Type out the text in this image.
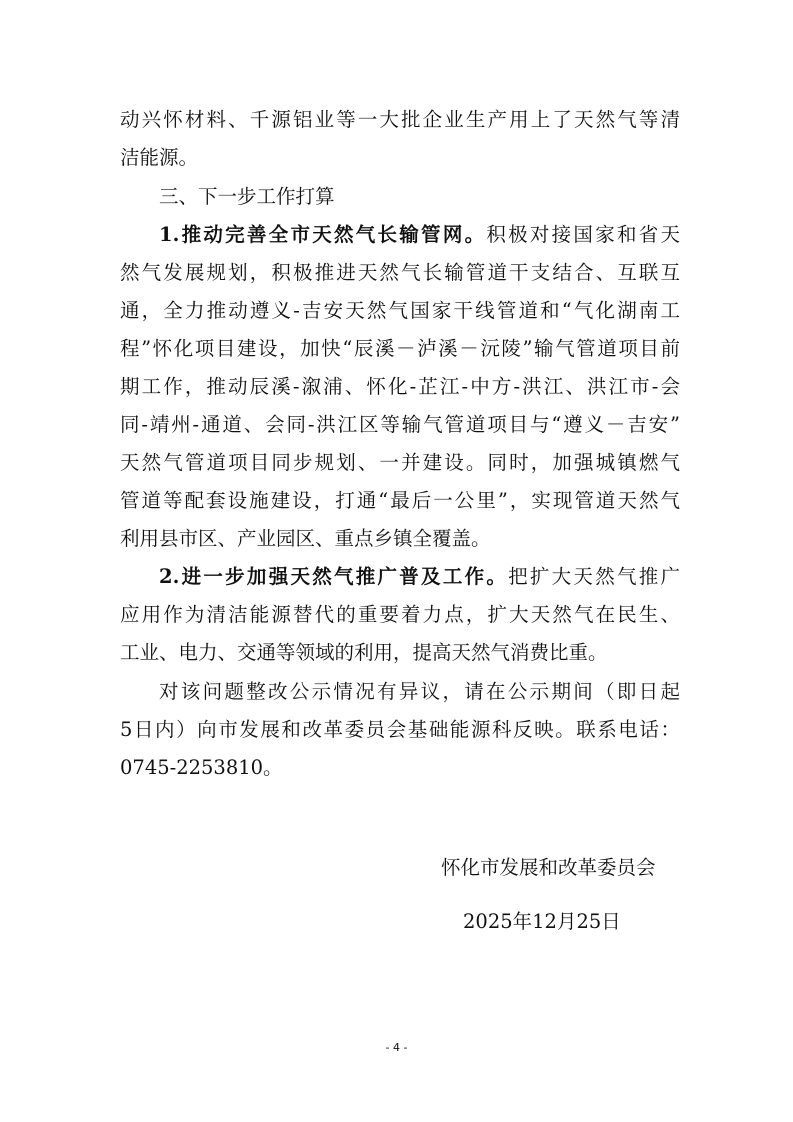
动兴怀材料、千源铝业等一大批企业生产用上了天然气等清
洁能源。
三、下一步工作打算
1.推动完善全市天然气长输管网。积极对接国家和省天
然气发展规划，积极推进天然气长输管道干支结合、互联互
通，全力推动遵义-吉安天然气国家干线管道和“气化湖南工
程”怀化项目建设，加快“辰溪－泸溪－沅陵”输气管道项目前
期工作，推动辰溪-溆浦、怀化-芷江-中方-洪江、洪江市-会
同-靖州-通道、会同-洪江区等输气管道项目与“遵义－吉安”
天然气管道项目同步规划、一并建设。同时，加强城镇燃气
管道等配套设施建设，打通“最后一公里”，实现管道天然气
利用县市区、产业园区、重点乡镇全覆盖。
2.进一步加强天然气推广普及工作。把扩大天然气推广
应用作为清洁能源替代的重要着力点，扩大天然气在民生、
工业、电力、交通等领域的利用，提高天然气消费比重。
对该问题整改公示情况有异议，请在公示期间（即日起
5日内）向市发展和改革委员会基础能源科反映。联系电话：
0745-2253810。
怀化市发展和改革委员会
2025年12月25日
- 4 -
